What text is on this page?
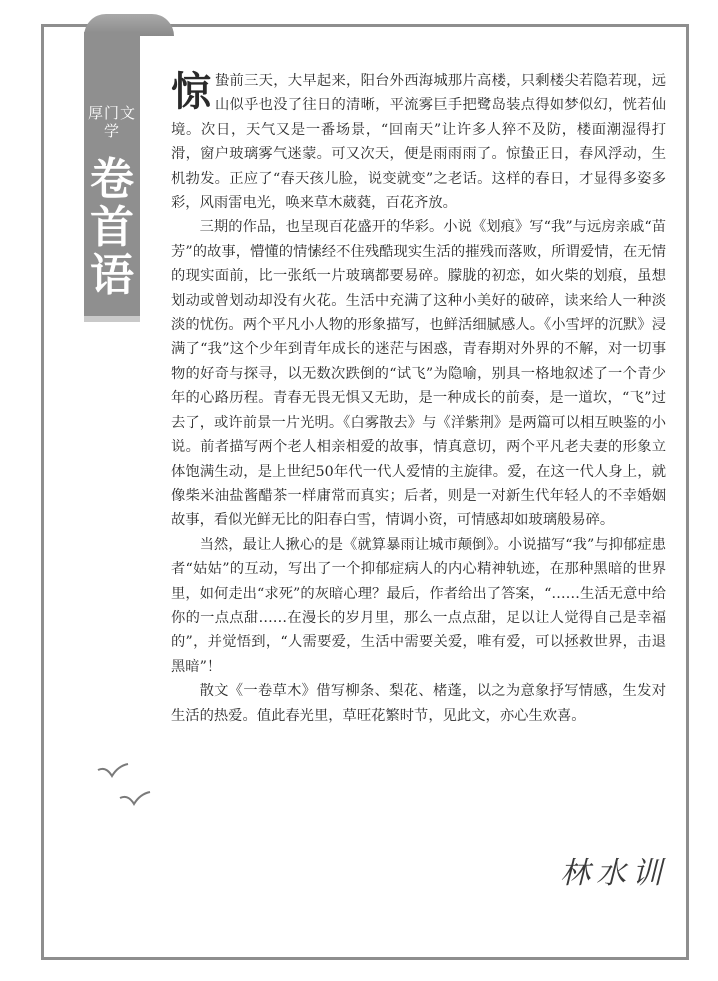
厚门文学
卷首语

惊蛰前三天，大早起来，阳台外西海城那片高楼，只剩楼尖若隐若现，远山似乎也没了往日的清晰，平流雾巨手把鹭岛装点得如梦似幻，恍若仙境。次日，天气又是一番场景，“回南天”让许多人猝不及防，楼面潮湿得打滑，窗户玻璃雾气迷蒙。可又次天，便是雨雨雨了。惊蛰正日，春风浮动，生机勃发。正应了“春天孩儿脸，说变就变”之老话。这样的春日，才显得多姿多彩，风雨雷电光，唤来草木葳蕤，百花齐放。

三期的作品，也呈现百花盛开的华彩。小说《划痕》写“我”与远房亲戚“苗芳”的故事，懵懂的情愫经不住残酷现实生活的摧残而落败，所谓爱情，在无情的现实面前，比一张纸一片玻璃都要易碎。朦胧的初恋，如火柴的划痕，虽想划动或曾划动却没有火花。生活中充满了这种小美好的破碎，读来给人一种淡淡的忧伤。两个平凡小人物的形象描写，也鲜活细腻感人。《小雪坪的沉默》浸满了“我”这个少年到青年成长的迷茫与困惑，青春期对外界的不解，对一切事物的好奇与探寻，以无数次跌倒的“试飞”为隐喻，别具一格地叙述了一个青少年的心路历程。青春无畏无惧又无助，是一种成长的前奏，是一道坎，“飞”过去了，或许前景一片光明。《白雾散去》与《洋紫荆》是两篇可以相互映鉴的小说。前者描写两个老人相亲相爱的故事，情真意切，两个平凡老夫妻的形象立体饱满生动，是上世纪50年代一代人爱情的主旋律。爱，在这一代人身上，就像柴米油盐酱醋茶一样庸常而真实；后者，则是一对新生代年轻人的不幸婚姻故事，看似光鲜无比的阳春白雪，情调小资，可情感却如玻璃般易碎。

当然，最让人揪心的是《就算暴雨让城市颠倒》。小说描写“我”与抑郁症患者“姑姑”的互动，写出了一个抑郁症病人的内心精神轨迹，在那种黑暗的世界里，如何走出“求死”的灰暗心理？最后，作者给出了答案，“……生活无意中给你的一点点甜……在漫长的岁月里，那么一点点甜，足以让人觉得自己是幸福的”，并觉悟到，“人需要爱，生活中需要关爱，唯有爱，可以拯救世界，击退黑暗”！

散文《一卷草木》借写柳条、梨花、楮蓬，以之为意象抒写情感，生发对生活的热爱。值此春光里，草旺花繁时节，见此文，亦心生欢喜。

林水训
